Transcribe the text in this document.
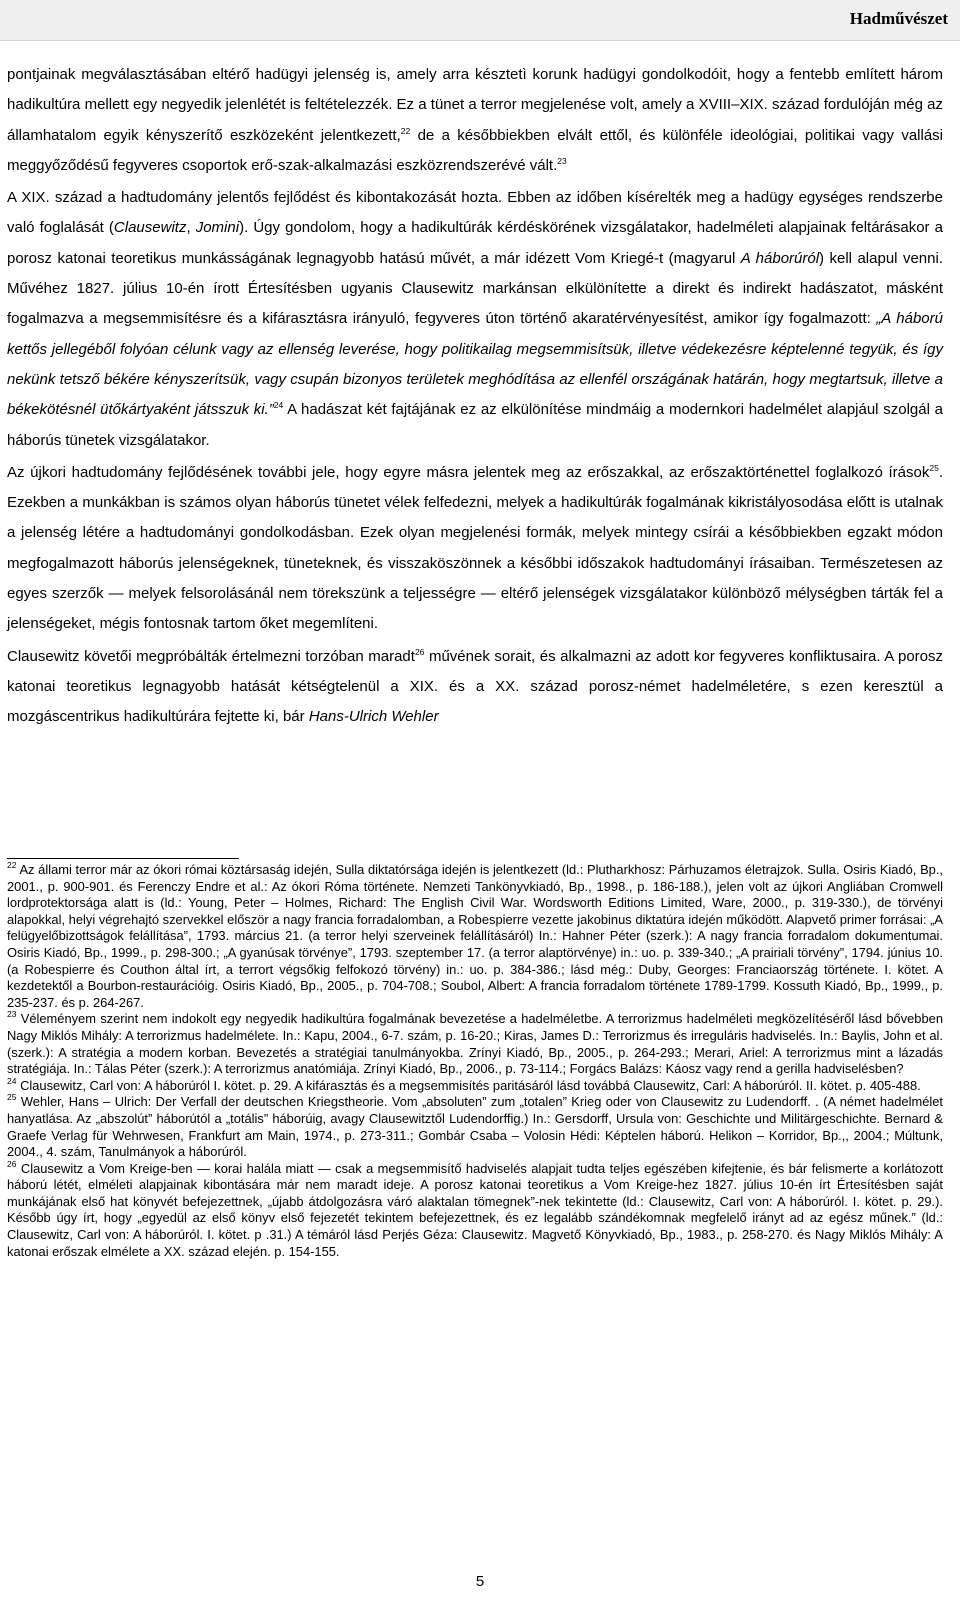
Hadművészet

pontjainak megválasztásában eltérő hadügyi jelenség is, amely arra késztetì korunk hadügyi gondolkodóit, hogy a fentebb említett három hadikultúra mellett egy negyedik jelenlétét is feltételezzék. Ez a tünet a terror megjelenése volt, amely a XVIII–XIX. század fordulóján még az államhatalom egyik kényszerítő eszközeként jelentkezett,$^{22}$ de a későbbiekben elvált ettől, és különféle ideológiai, politikai vagy vallási meggyőződésű fegyveres csoportok erő-szak-alkalmazási eszközrendszerévé vált.$^{23}$

A XIX. század a hadtudomány jelentős fejlődést és kibontakozását hozta. Ebben az időben kísérelték meg a hadügy egységes rendszerbe való foglalását (Clausewitz, Jomini). Úgy gondolom, hogy a hadikultúrák kérdéskörének vizsgálatakor, hadelméleti alapjainak feltárásakor a porosz katonai teoretikus munkásságának legnagyobb hatású művét, a már idézett Vom Kriegé-t (magyarul A háborúról) kell alapul venni. Művéhez 1827. július 10-én írott Értesítésben ugyanis Clausewitz markánsan elkülönítette a direkt és indirekt hadászatot, másként fogalmazva a megsemmisítésre és a kifárasztásra irányuló, fegyveres úton történő akaratérvényesítést, amikor így fogalmazott: „A háború kettős jellegéből folyóan célunk vagy az ellenség leverése, hogy politikailag megsemmisítsük, illetve védekezésre képtelenné tegyük, és így nekünk tetsző békére kényszerítsük, vagy csupán bizonyos területek meghódítása az ellenfél országának határán, hogy megtartsuk, illetve a békekötésnél ütőkártyaként játsszuk ki.”$^{24}$ A hadászat két fajtájának ez az elkülönítése mindmáig a modernkori hadelmélet alapjául szolgál a háborús tünetek vizsgálatakor.

Az újkori hadtudomány fejlődésének további jele, hogy egyre másra jelentek meg az erőszakkal, az erőszaktörténettel foglalkozó írások$^{25}$. Ezekben a munkákban is számos olyan háborús tünetet vélek felfedezni, melyek a hadikultúrák fogalmának kikristályosodása előtt is utalnak a jelenség létére a hadtudományi gondolkodásban. Ezek olyan megjelenési formák, melyek mintegy csírái a későbbiekben egzakt módon megfogalmazott háborús jelenségeknek, tüneteknek, és visszaköszönnek a későbbi időszakok hadtudományi írásaiban. Természetesen az egyes szerzők — melyek felsorolásánál nem törekszünk a teljességre — eltérő jelenségek vizsgálatakor különböző mélységben tárták fel a jelenségeket, mégis fontosnak tartom őket megemlíteni.

Clausewitz követői megpróbálták értelmezni torzóban maradt$^{26}$ művének sorait, és alkalmazni az adott kor fegyveres konfliktusaira. A porosz katonai teoretikus legnagyobb hatását kétségtelenül a XIX. és a XX. század porosz-német hadelméletére, s ezen keresztül a mozgáscentrikus hadikultúrára fejtette ki, bár Hans-Ulrich Wehler

$^{22}$ Az állami terror már az ókori római köztársaság idején, Sulla diktatórsága idején is jelentkezett (ld.: Plutharkhosz: Párhuzamos életrajzok. Sulla. Osiris Kiadó, Bp., 2001., p. 900-901. és Ferenczy Endre et al.: Az ókori Róma története. Nemzeti Tankönyvkiadó, Bp., 1998., p. 186-188.), jelen volt az újkori Angliában Cromwell lordprotektorsága alatt is (ld.: Young, Peter – Holmes, Richard: The English Civil War. Wordsworth Editions Limited, Ware, 2000., p. 319-330.), de törvényi alapokkal, helyi végrehajtó szervekkel először a nagy francia forradalomban, a Robespierre vezette jakobinus diktatúra idején működött. Alapvető primer forrásai: „A felügyelőbizottságok felállítása”, 1793. március 21. (a terror helyi szerveinek felállításáról) In.: Hahner Péter (szerk.): A nagy francia forradalom dokumentumai. Osiris Kiadó, Bp., 1999., p. 298-300.; „A gyanúsak törvénye”, 1793. szeptember 17. (a terror alaptörvénye) in.: uo. p. 339-340.; „A prairiali törvény”, 1794. június 10. (a Robespierre és Couthon által írt, a terrort végsőkig felfokozó törvény) in.: uo. p. 384-386.; lásd még.: Duby, Georges: Franciaország története. I. kötet. A kezdetektől a Bourbon-restaurációig. Osiris Kiadó, Bp., 2005., p. 704-708.; Soubol, Albert: A francia forradalom története 1789-1799. Kossuth Kiadó, Bp., 1999., p. 235-237. és p. 264-267.

$^{23}$ Véleményem szerint nem indokolt egy negyedik hadikultúra fogalmának bevezetése a hadelméletbe. A terrorizmus hadelméleti megközelítéséről lásd bővebben Nagy Miklós Mihály: A terrorizmus hadelmélete. In.: Kapu, 2004., 6-7. szám, p. 16-20.; Kiras, James D.: Terrorizmus és irreguláris hadviselés. In.: Baylis, John et al. (szerk.): A stratégia a modern korban. Bevezetés a stratégiai tanulmányokba. Zrínyi Kiadó, Bp., 2005., p. 264-293.; Merari, Ariel: A terrorizmus mint a lázadás stratégiája. In.: Tálas Péter (szerk.): A terrorizmus anatómiája. Zrínyi Kiadó, Bp., 2006., p. 73-114.; Forgács Balázs: Káosz vagy rend a gerilla hadviselésben?

$^{24}$ Clausewitz, Carl von: A háborúról I. kötet. p. 29. A kifárasztás és a megsemmisítés paritásáról lásd továbbá Clausewitz, Carl: A háborúról. II. kötet. p. 405-488.

$^{25}$ Wehler, Hans – Ulrich: Der Verfall der deutschen Kriegstheorie. Vom „absoluten” zum „totalen” Krieg oder von Clausewitz zu Ludendorff. . (A német hadelmélet hanyatlása. Az „abszolút” háborútól a „totális” háborúig, avagy Clausewitztől Ludendorffig.) In.: Gersdorff, Ursula von: Geschichte und Militärgeschichte. Bernard & Graefe Verlag für Wehrwesen, Frankfurt am Main, 1974., p. 273-311.; Gombár Csaba – Volosin Hédi: Képtelen háború. Helikon – Korridor, Bp.,, 2004.; Múltunk, 2004., 4. szám, Tanulmányok a háborúról.

$^{26}$ Clausewitz a Vom Kreige-ben — korai halála miatt — csak a megsemmisítő hadviselés alapjait tudta teljes egészében kifejtenie, és bár felismerte a korlátozott háború létét, elméleti alapjainak kibontására már nem maradt ideje. A porosz katonai teoretikus a Vom Kreige-hez 1827. július 10-én írt Értesítésben saját munkájának első hat könyvét befejezettnek, „újabb átdolgozásra váró alaktalan tömegnek”-nek tekintette (ld.: Clausewitz, Carl von: A háborúról. I. kötet. p. 29.). Később úgy írt, hogy „egyedül az első könyv első fejezetét tekintem befejezettnek, és ez legalább szándékomnak megfelelő irányt ad az egész műnek.” (ld.: Clausewitz, Carl von: A háborúról. I. kötet. p .31.) A témáról lásd Perjés Géza: Clausewitz. Magvető Könyvkiadó, Bp., 1983., p. 258-270. és Nagy Miklós Mihály: A katonai erőszak elmélete a XX. század elején. p. 154-155.

5
